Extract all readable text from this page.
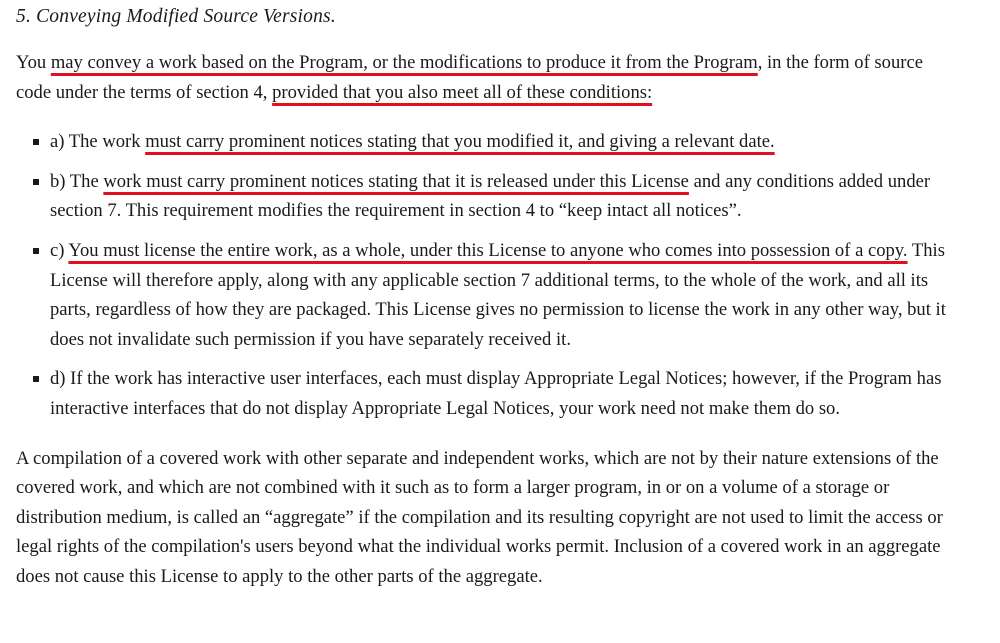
5. Conveying Modified Source Versions.

You may convey a work based on the Program, or the modifications to produce it from the Program, in the form of source code under the terms of section 4, provided that you also meet all of these conditions:

a) The work must carry prominent notices stating that you modified it, and giving a relevant date.
b) The work must carry prominent notices stating that it is released under this License and any conditions added under section 7. This requirement modifies the requirement in section 4 to “keep intact all notices”.
c) You must license the entire work, as a whole, under this License to anyone who comes into possession of a copy. This License will therefore apply, along with any applicable section 7 additional terms, to the whole of the work, and all its parts, regardless of how they are packaged. This License gives no permission to license the work in any other way, but it does not invalidate such permission if you have separately received it.
d) If the work has interactive user interfaces, each must display Appropriate Legal Notices; however, if the Program has interactive interfaces that do not display Appropriate Legal Notices, your work need not make them do so.

A compilation of a covered work with other separate and independent works, which are not by their nature extensions of the covered work, and which are not combined with it such as to form a larger program, in or on a volume of a storage or distribution medium, is called an “aggregate” if the compilation and its resulting copyright are not used to limit the access or legal rights of the compilation's users beyond what the individual works permit. Inclusion of a covered work in an aggregate does not cause this License to apply to the other parts of the aggregate.
